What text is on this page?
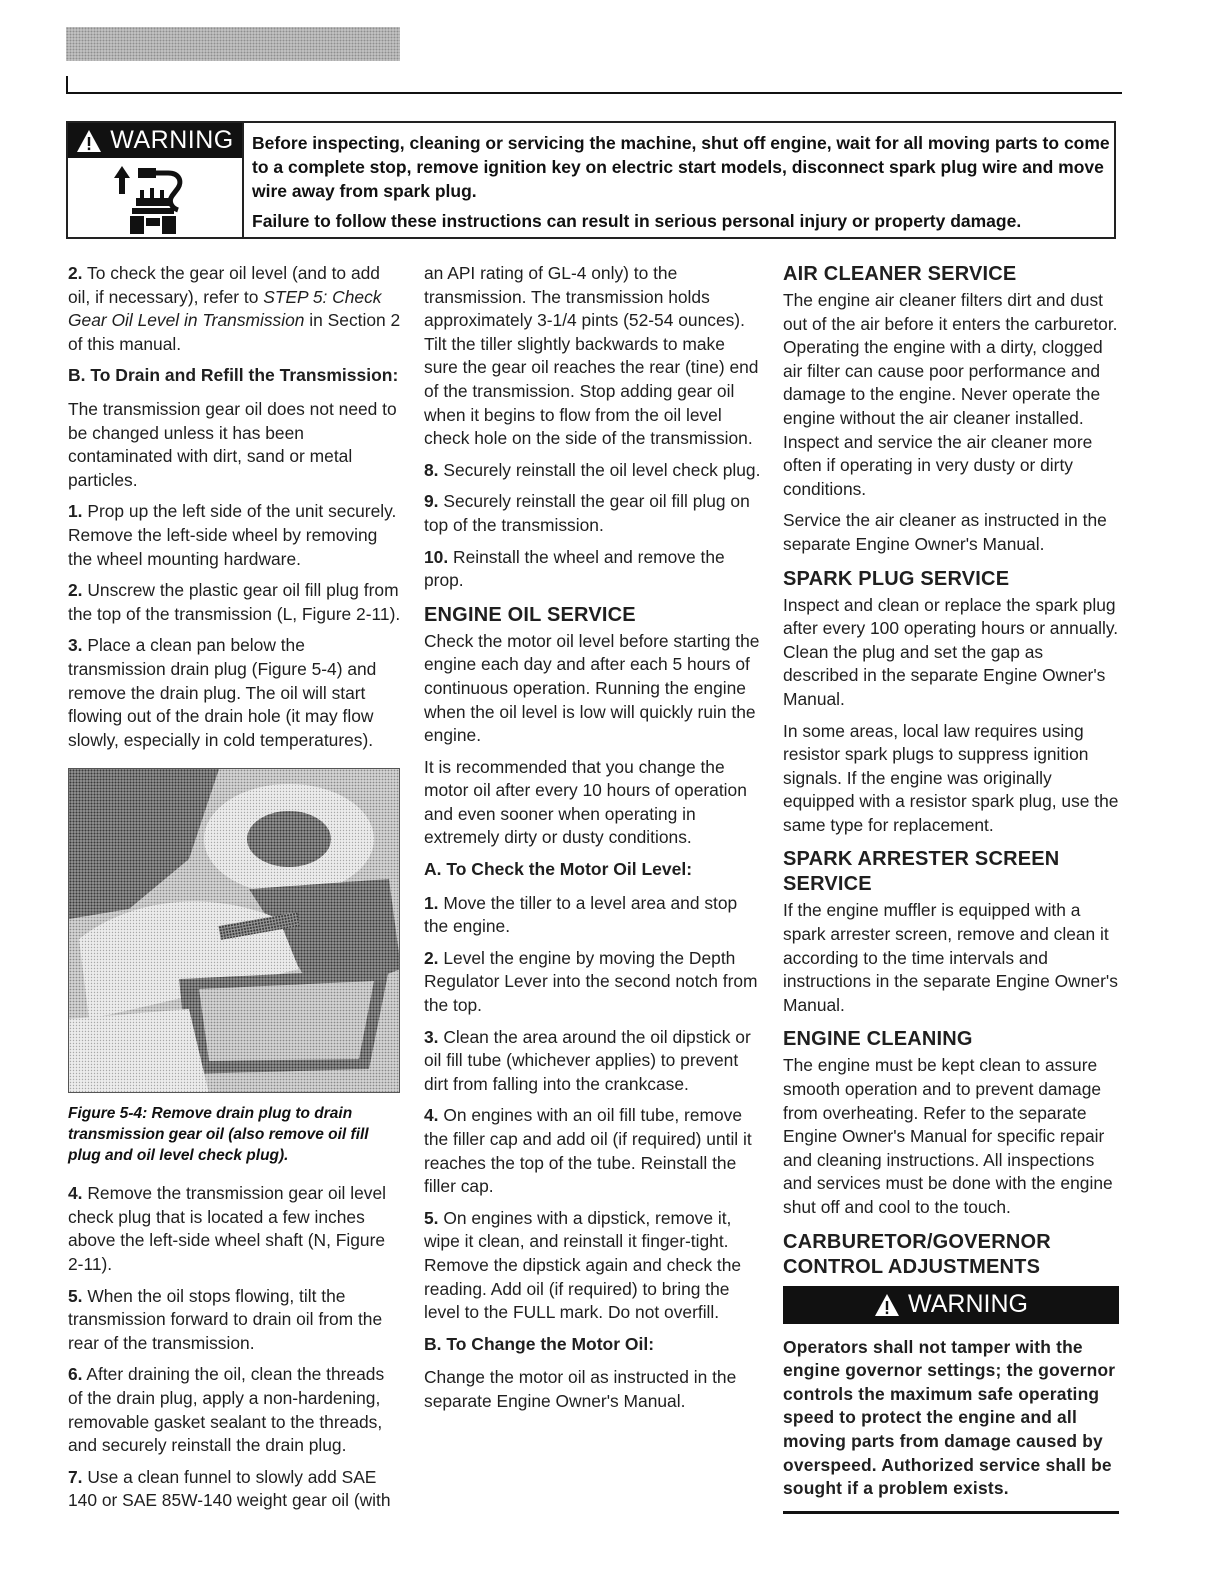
WARNING Before inspecting, cleaning or servicing the machine, shut off engine, wait for all moving parts to come to a complete stop, remove ignition key on electric start models, disconnect spark plug wire and move wire away from spark plug.

Failure to follow these instructions can result in serious personal injury or property damage.

2. To check the gear oil level (and to add oil, if necessary), refer to STEP 5: Check Gear Oil Level in Transmission in Section 2 of this manual.

B. To Drain and Refill the Transmission:

The transmission gear oil does not need to be changed unless it has been contaminated with dirt, sand or metal particles.

1. Prop up the left side of the unit securely. Remove the left-side wheel by removing the wheel mounting hardware.

2. Unscrew the plastic gear oil fill plug from the top of the transmission (L, Figure 2-11).

3. Place a clean pan below the transmission drain plug (Figure 5-4) and remove the drain plug. The oil will start flowing out of the drain hole (it may flow slowly, especially in cold temperatures).

Figure 5-4: Remove drain plug to drain transmission gear oil (also remove oil fill plug and oil level check plug).

4. Remove the transmission gear oil level check plug that is located a few inches above the left-side wheel shaft (N, Figure 2-11).

5. When the oil stops flowing, tilt the transmission forward to drain oil from the rear of the transmission.

6. After draining the oil, clean the threads of the drain plug, apply a non-hardening, removable gasket sealant to the threads, and securely reinstall the drain plug.

7. Use a clean funnel to slowly add SAE 140 or SAE 85W-140 weight gear oil (with

an API rating of GL-4 only) to the transmission. The transmission holds approximately 3-1/4 pints (52-54 ounces). Tilt the tiller slightly backwards to make sure the gear oil reaches the rear (tine) end of the transmission. Stop adding gear oil when it begins to flow from the oil level check hole on the side of the transmission.

8. Securely reinstall the oil level check plug.

9. Securely reinstall the gear oil fill plug on top of the transmission.

10. Reinstall the wheel and remove the prop.

ENGINE OIL SERVICE

Check the motor oil level before starting the engine each day and after each 5 hours of continuous operation. Running the engine when the oil level is low will quickly ruin the engine.

It is recommended that you change the motor oil after every 10 hours of operation and even sooner when operating in extremely dirty or dusty conditions.

A. To Check the Motor Oil Level:

1. Move the tiller to a level area and stop the engine.

2. Level the engine by moving the Depth Regulator Lever into the second notch from the top.

3. Clean the area around the oil dipstick or oil fill tube (whichever applies) to prevent dirt from falling into the crankcase.

4. On engines with an oil fill tube, remove the filler cap and add oil (if required) until it reaches the top of the tube. Reinstall the filler cap.

5. On engines with a dipstick, remove it, wipe it clean, and reinstall it finger-tight. Remove the dipstick again and check the reading. Add oil (if required) to bring the level to the FULL mark. Do not overfill.

B. To Change the Motor Oil:

Change the motor oil as instructed in the separate Engine Owner's Manual.

AIR CLEANER SERVICE

The engine air cleaner filters dirt and dust out of the air before it enters the carburetor. Operating the engine with a dirty, clogged air filter can cause poor performance and damage to the engine. Never operate the engine without the air cleaner installed. Inspect and service the air cleaner more often if operating in very dusty or dirty conditions.

Service the air cleaner as instructed in the separate Engine Owner's Manual.

SPARK PLUG SERVICE

Inspect and clean or replace the spark plug after every 100 operating hours or annually. Clean the plug and set the gap as described in the separate Engine Owner's Manual.

In some areas, local law requires using resistor spark plugs to suppress ignition signals. If the engine was originally equipped with a resistor spark plug, use the same type for replacement.

SPARK ARRESTER SCREEN SERVICE

If the engine muffler is equipped with a spark arrester screen, remove and clean it according to the time intervals and instructions in the separate Engine Owner's Manual.

ENGINE CLEANING

The engine must be kept clean to assure smooth operation and to prevent damage from overheating. Refer to the separate Engine Owner's Manual for specific repair and cleaning instructions. All inspections and services must be done with the engine shut off and cool to the touch.

CARBURETOR/GOVERNOR CONTROL ADJUSTMENTS
WARNING

Operators shall not tamper with the engine governor settings; the governor controls the maximum safe operating speed to protect the engine and all moving parts from damage caused by overspeed. Authorized service shall be sought if a problem exists.
